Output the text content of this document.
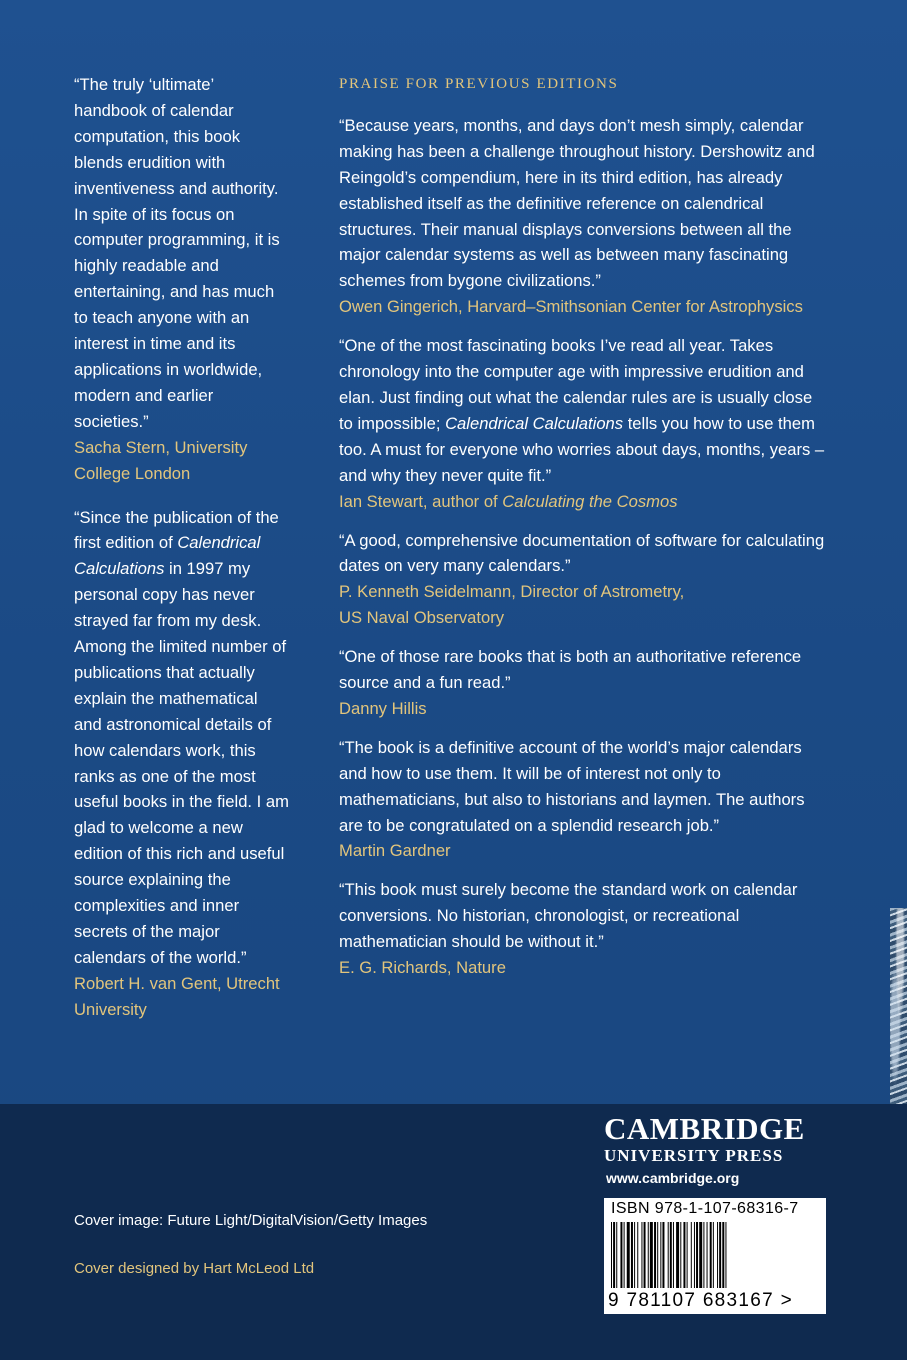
“The truly ‘ultimate’ handbook of calendar computation, this book blends erudition with inventiveness and authority. In spite of its focus on computer programming, it is highly readable and entertaining, and has much to teach anyone with an interest in time and its applications in worldwide, modern and earlier societies.”

Sacha Stern, University College London

“Since the publication of the first edition of Calendrical Calculations in 1997 my personal copy has never strayed far from my desk. Among the limited number of publications that actually explain the mathematical and astronomical details of how calendars work, this ranks as one of the most useful books in the field. I am glad to welcome a new edition of this rich and useful source explaining the complexities and inner secrets of the major calendars of the world.”

Robert H. van Gent, Utrecht University

PRAISE FOR PREVIOUS EDITIONS

“Because years, months, and days don’t mesh simply, calendar making has been a challenge throughout history. Dershowitz and Reingold’s compendium, here in its third edition, has already established itself as the definitive reference on calendrical structures. Their manual displays conversions between all the major calendar systems as well as between many fascinating schemes from bygone civilizations.”

Owen Gingerich, Harvard–Smithsonian Center for Astrophysics

“One of the most fascinating books I’ve read all year. Takes chronology into the computer age with impressive erudition and elan. Just finding out what the calendar rules are is usually close to impossible; Calendrical Calculations tells you how to use them too. A must for everyone who worries about days, months, years – and why they never quite fit.”

Ian Stewart, author of Calculating the Cosmos

“A good, comprehensive documentation of software for calculating dates on very many calendars.”

P. Kenneth Seidelmann, Director of Astrometry, US Naval Observatory

“One of those rare books that is both an authoritative reference source and a fun read.”

Danny Hillis

“The book is a definitive account of the world’s major calendars and how to use them. It will be of interest not only to mathematicians, but also to historians and laymen. The authors are to be congratulated on a splendid research job.”

Martin Gardner

“This book must surely become the standard work on calendar conversions. No historian, chronologist, or recreational mathematician should be without it.”

E. G. Richards, Nature

Cover image: Future Light/DigitalVision/Getty Images
Cover designed by Hart McLeod Ltd

CAMBRIDGE

UNIVERSITY PRESS

www.cambridge.org

ISBN 978-1-107-68316-7
9 781107 683167 >
